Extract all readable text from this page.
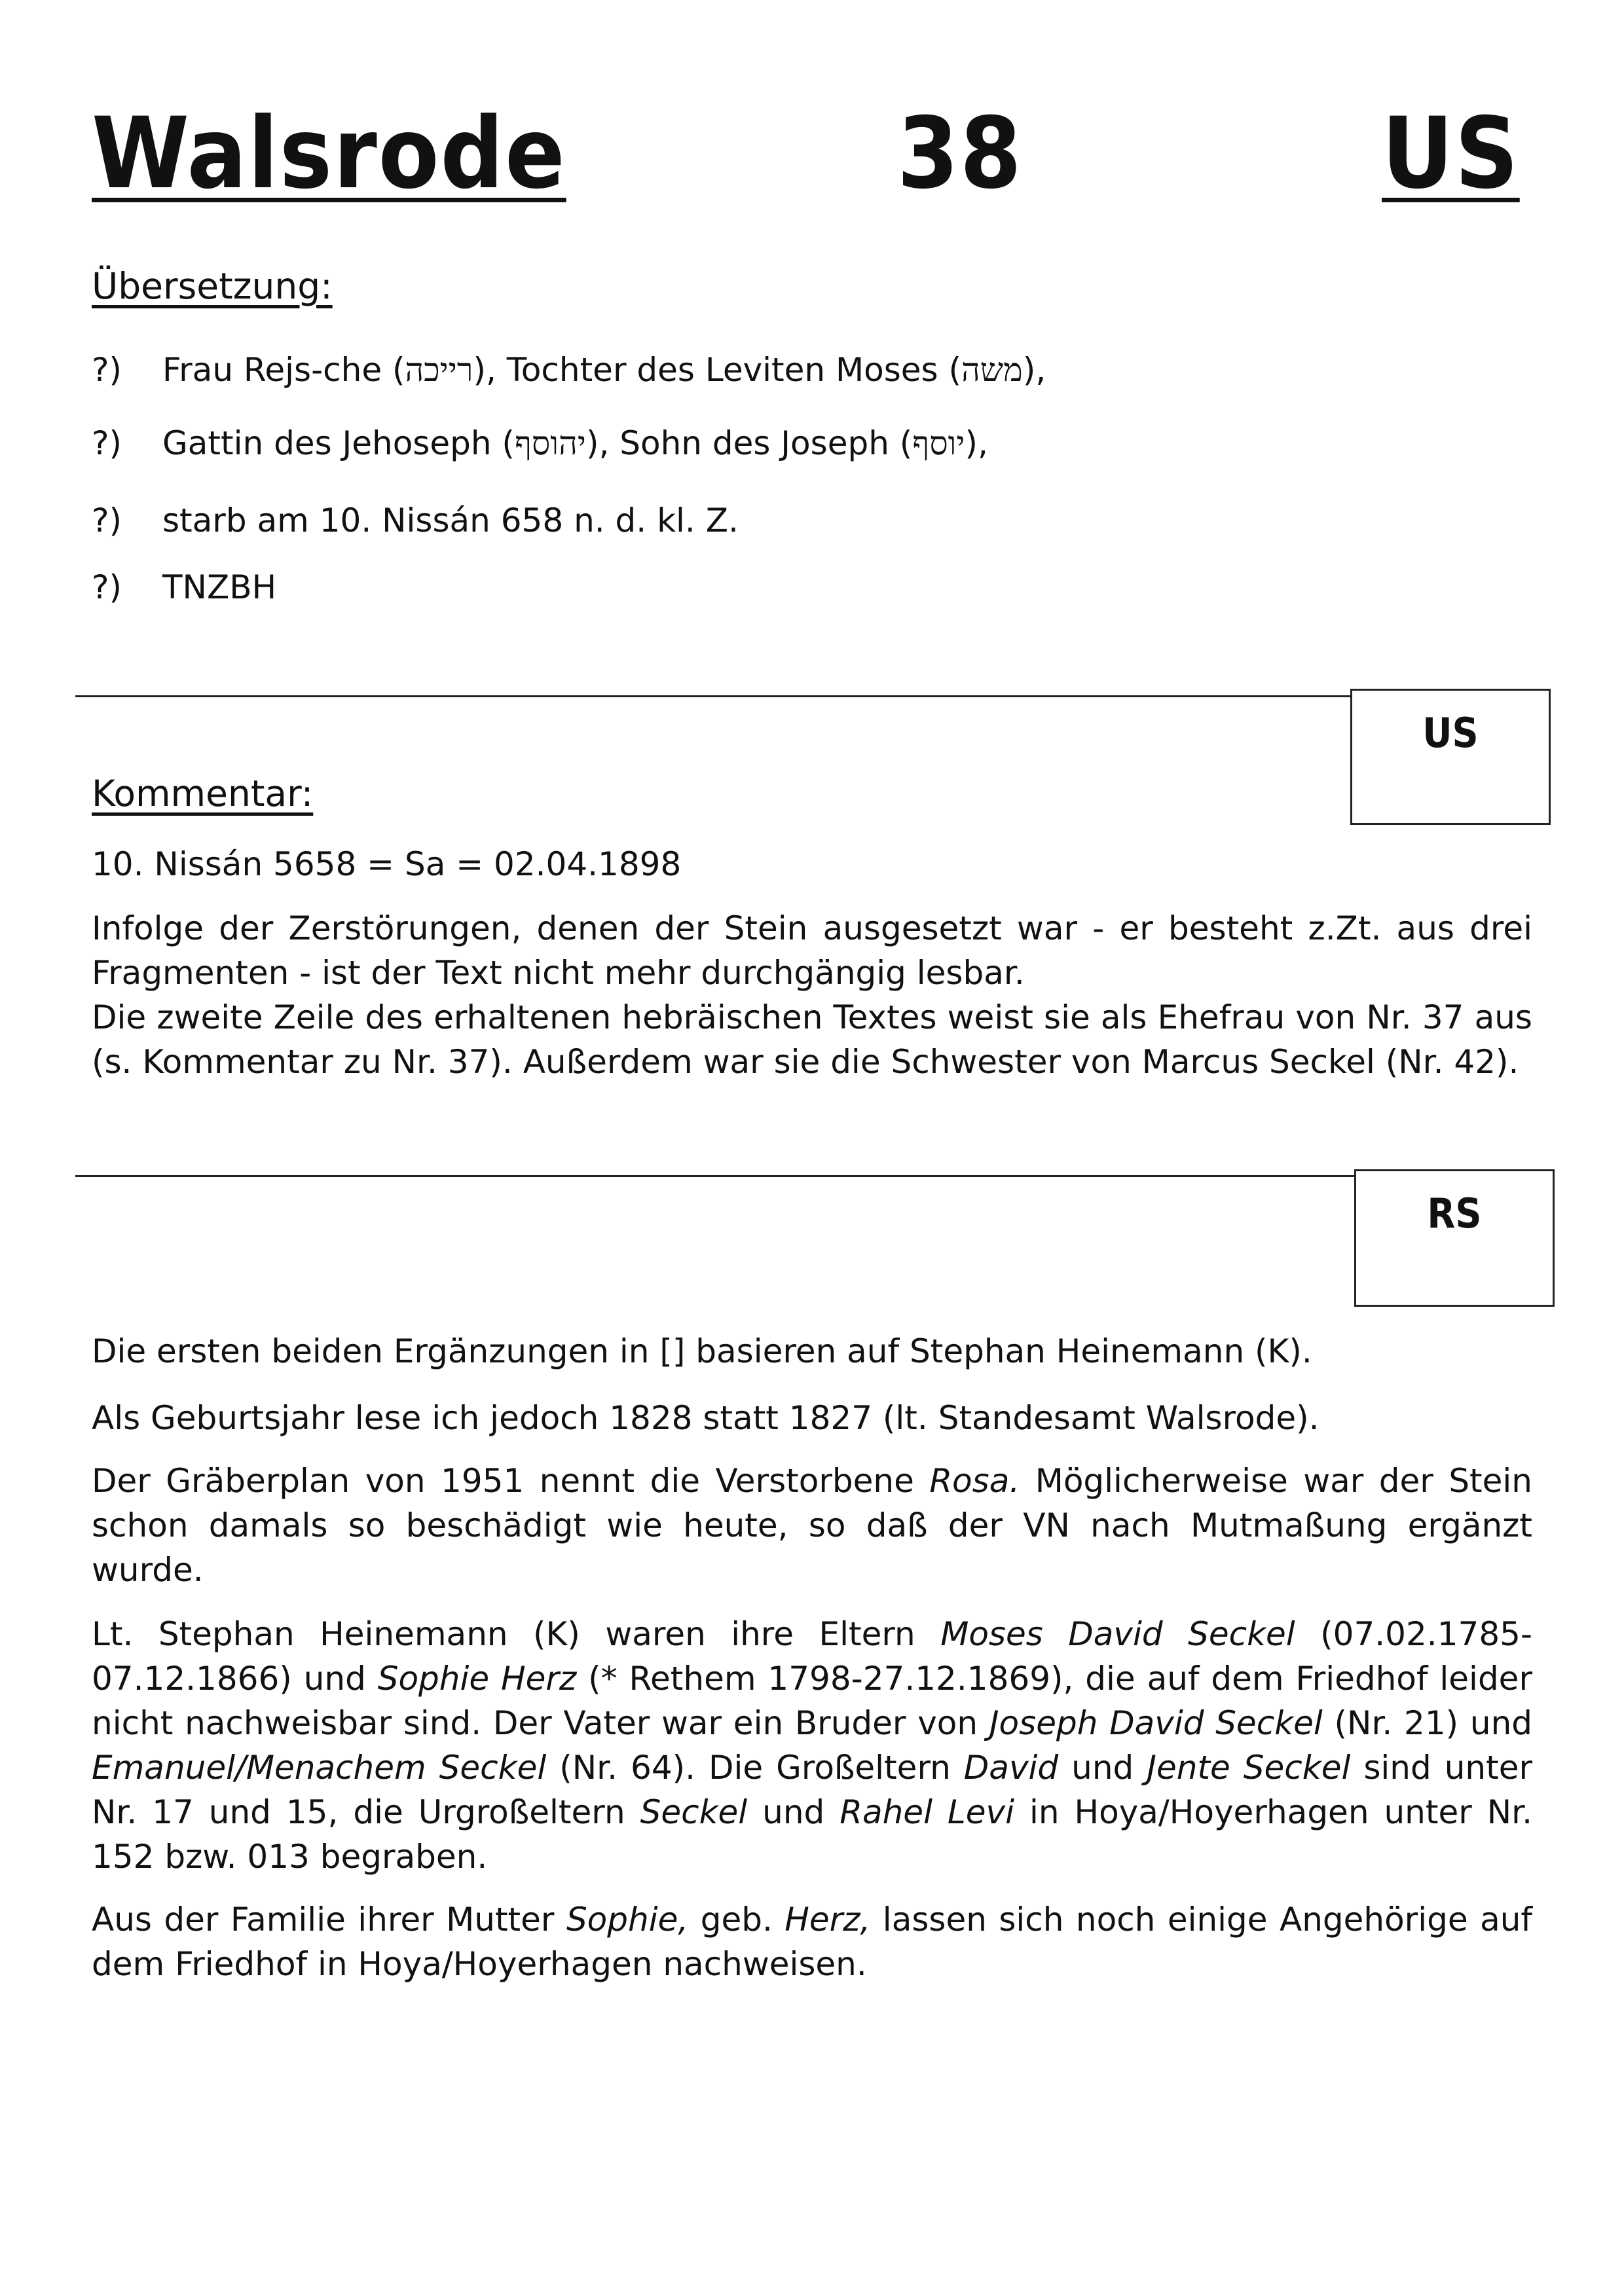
Walsrode	38	US
Übersetzung:
?) Frau Rejs-che (רייכה), Tochter des Leviten Moses (משה),
?) Gattin des Jehoseph (יהוסף), Sohn des Joseph (יוסף),
?) starb am 10. Nissán 658 n. d. kl. Z.
?) TNZBH
US
Kommentar:
10. Nissán 5658 = Sa = 02.04.1898
Infolge der Zerstörungen, denen der Stein ausgesetzt war - er besteht z.Zt. aus drei Fragmenten - ist der Text nicht mehr durchgängig lesbar.
Die zweite Zeile des erhaltenen hebräischen Textes weist sie als Ehefrau von Nr. 37 aus (s. Kommentar zu Nr. 37). Außerdem war sie die Schwester von Marcus Seckel (Nr. 42).
RS
Die ersten beiden Ergänzungen in [] basieren auf Stephan Heinemann (K).
Als Geburtsjahr lese ich jedoch 1828 statt 1827 (lt. Standesamt Walsrode).
Der Gräberplan von 1951 nennt die Verstorbene Rosa. Möglicherweise war der Stein schon damals so beschädigt wie heute, so daß der VN nach Mutmaßung ergänzt wurde.
Lt. Stephan Heinemann (K) waren ihre Eltern Moses David Seckel (07.02.1785-07.12.1866) und Sophie Herz (* Rethem 1798-27.12.1869), die auf dem Friedhof leider nicht nachweisbar sind. Der Vater war ein Bruder von Joseph David Seckel (Nr. 21) und Emanuel/Menachem Seckel (Nr. 64). Die Großeltern David und Jente Seckel sind unter Nr. 17 und 15, die Urgroßeltern Seckel und Rahel Levi in Hoya/Hoyerhagen unter Nr. 152 bzw. 013 begraben.
Aus der Familie ihrer Mutter Sophie, geb. Herz, lassen sich noch einige Angehörige auf dem Friedhof in Hoya/Hoyerhagen nachweisen.
